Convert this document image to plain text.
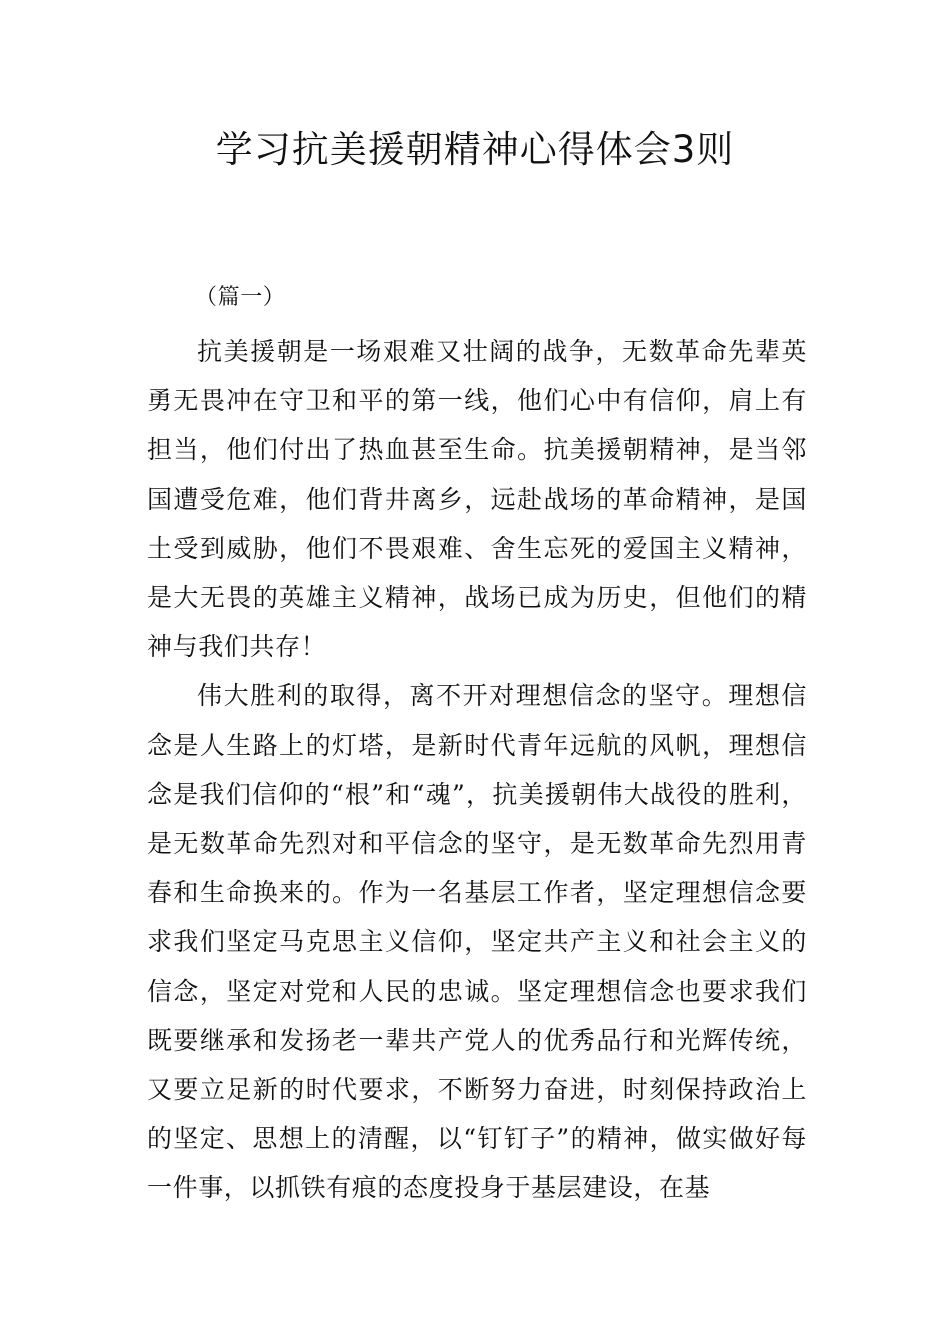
学习抗美援朝精神心得体会3则

（篇一）

抗美援朝是一场艰难又壮阔的战争，无数革命先辈英勇无畏冲在守卫和平的第一线，他们心中有信仰，肩上有担当，他们付出了热血甚至生命。抗美援朝精神，是当邻国遭受危难，他们背井离乡，远赴战场的革命精神，是国土受到威胁，他们不畏艰难、舍生忘死的爱国主义精神，是大无畏的英雄主义精神，战场已成为历史，但他们的精神与我们共存！

伟大胜利的取得，离不开对理想信念的坚守。理想信念是人生路上的灯塔，是新时代青年远航的风帆，理想信念是我们信仰的“根”和“魂”，抗美援朝伟大战役的胜利，是无数革命先烈对和平信念的坚守，是无数革命先烈用青春和生命换来的。作为一名基层工作者，坚定理想信念要求我们坚定马克思主义信仰，坚定共产主义和社会主义的信念，坚定对党和人民的忠诚。坚定理想信念也要求我们既要继承和发扬老一辈共产党人的优秀品行和光辉传统，又要立足新的时代要求，不断努力奋进，时刻保持政治上的坚定、思想上的清醒，以“钉钉子”的精神，做实做好每一件事，以抓铁有痕的态度投身于基层建设，在基
